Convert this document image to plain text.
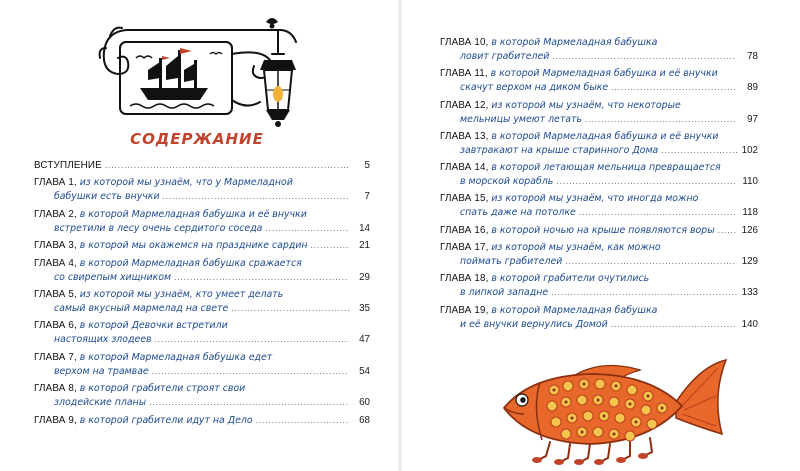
СОДЕРЖАНИЕ
ВСТУПЛЕНИЕ .....	5
ГЛАВА 1, из которой мы узнаём, что у Мармеладной
бабушки есть внучки .....	7
ГЛАВА 2, в которой Мармеладная бабушка и её внучки
встретили в лесу очень сердитого соседа .....	14
ГЛАВА 3, в которой мы окажемся на празднике сардин .....	21
ГЛАВА 4, в которой Мармеладная бабушка сражается
со свирепым хищником .....	29
ГЛАВА 5, из которой мы узнаём, кто умеет делать
самый вкусный мармелад на свете .....	35
ГЛАВА 6, в которой Девочки встретили
настоящих злодеев .....	47
ГЛАВА 7, в которой Мармеладная бабушка едет
верхом на трамвае .....	54
ГЛАВА 8, в которой грабители строят свои
злодейские планы .....	60
ГЛАВА 9, в которой грабители идут на Дело .....	68
ГЛАВА 10, в которой Мармеладная бабушка
ловит грабителей .....	78
ГЛАВА 11, в которой Мармеладная бабушка и её внучки
скачут верхом на диком быке .....	89
ГЛАВА 12, из которой мы узнаём, что некоторые
мельницы умеют летать .....	97
ГЛАВА 13, в которой Мармеладная бабушка и её внучки
завтракают на крыше старинного Дома .....	102
ГЛАВА 14, в которой летающая мельница превращается
в морской корабль .....	110
ГЛАВА 15, из которой мы узнаём, что иногда можно
спать даже на потолке .....	118
ГЛАВА 16, в которой ночью на крыше появляются воры .....	126
ГЛАВА 17, из которой мы узнаём, как можно
поймать грабителей .....	129
ГЛАВА 18, в которой грабители очутились
в липкой западне .....	133
ГЛАВА 19, в которой Мармеладная бабушка
и её внучки вернулись Домой .....	140
